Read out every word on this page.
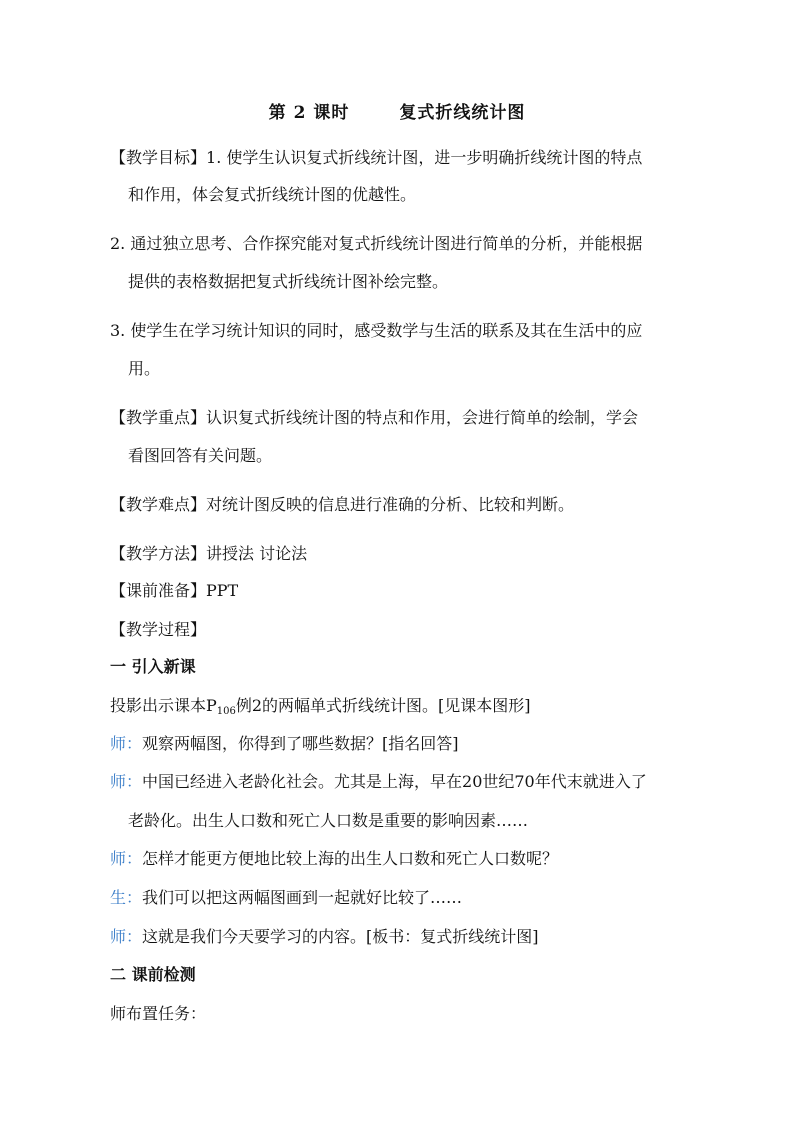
第 2 课时	复式折线统计图
【教学目标】1. 使学生认识复式折线统计图，进一步明确折线统计图的特点
和作用，体会复式折线统计图的优越性。
2. 通过独立思考、合作探究能对复式折线统计图进行简单的分析，并能根据
提供的表格数据把复式折线统计图补绘完整。
3. 使学生在学习统计知识的同时，感受数学与生活的联系及其在生活中的应
用。
【教学重点】认识复式折线统计图的特点和作用，会进行简单的绘制，学会
看图回答有关问题。
【教学难点】对统计图反映的信息进行准确的分析、比较和判断。
【教学方法】讲授法 讨论法
【课前准备】PPT
【教学过程】
一 引入新课
投影出示课本$P_{106}$例2的两幅单式折线统计图。[见课本图形]
师：观察两幅图，你得到了哪些数据？[指名回答]
师：中国已经进入老龄化社会。尤其是上海，早在20世纪70年代末就进入了
老龄化。出生人口数和死亡人口数是重要的影响因素……
师：怎样才能更方便地比较上海的出生人口数和死亡人口数呢？
生：我们可以把这两幅图画到一起就好比较了……
师：这就是我们今天要学习的内容。[板书：复式折线统计图]
二 课前检测
师布置任务：
